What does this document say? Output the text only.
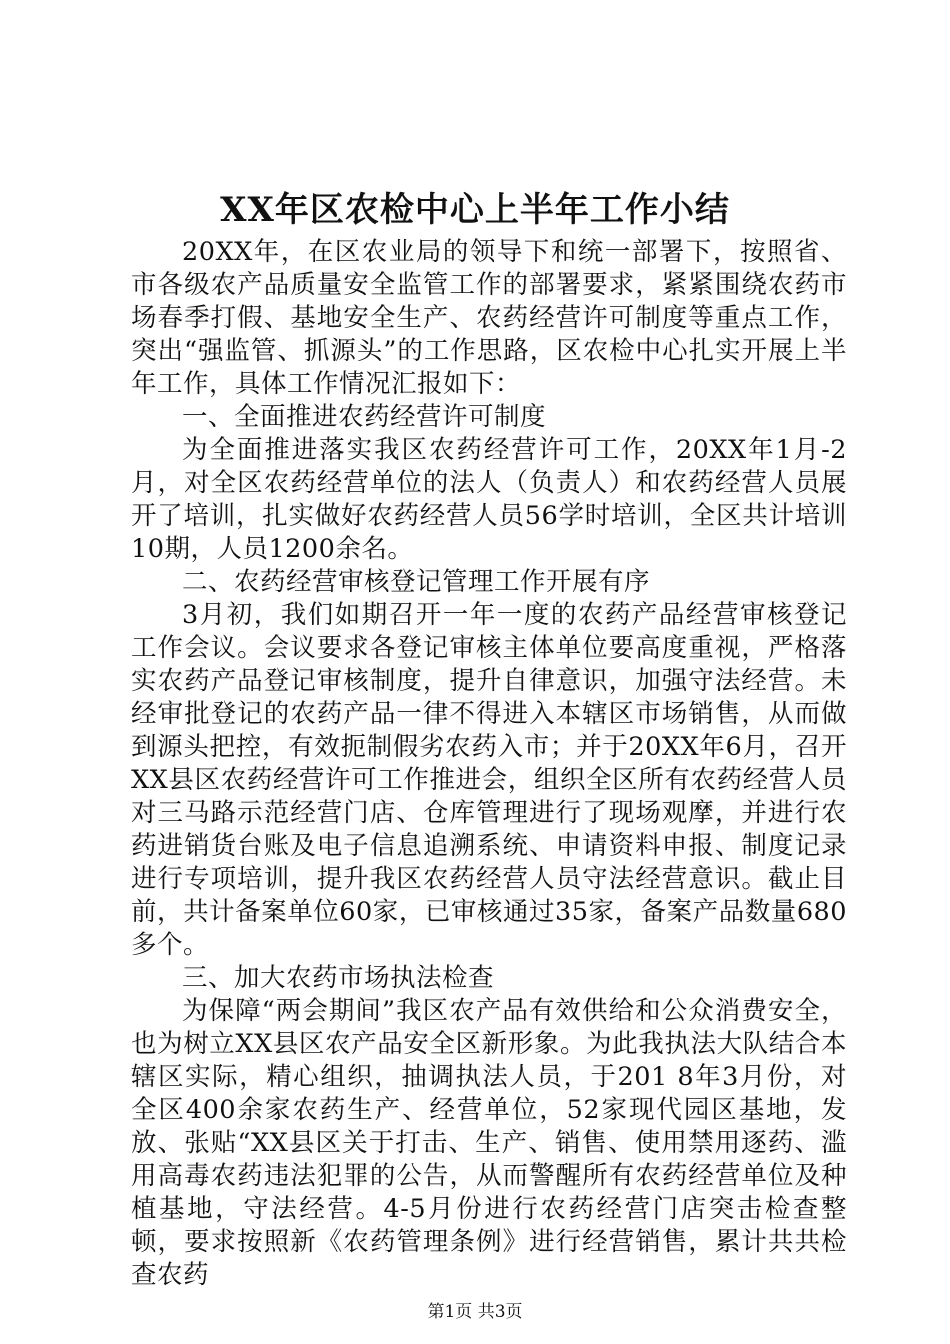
XX年区农检中心上半年工作小结

20XX年，在区农业局的领导下和统一部署下，按照省、市各级农产品质量安全监管工作的部署要求，紧紧围绕农药市场春季打假、基地安全生产、农药经营许可制度等重点工作，突出“强监管、抓源头”的工作思路，区农检中心扎实开展上半年工作，具体工作情况汇报如下：

一、全面推进农药经营许可制度

为全面推进落实我区农药经营许可工作，20XX年1月-2月，对全区农药经营单位的法人（负责人）和农药经营人员展开了培训，扎实做好农药经营人员56学时培训，全区共计培训10期，人员1200余名。

二、农药经营审核登记管理工作开展有序

3月初，我们如期召开一年一度的农药产品经营审核登记工作会议。会议要求各登记审核主体单位要高度重视，严格落实农药产品登记审核制度，提升自律意识，加强守法经营。未经审批登记的农药产品一律不得进入本辖区市场销售，从而做到源头把控，有效扼制假劣农药入市；并于20XX年6月，召开XX县区农药经营许可工作推进会，组织全区所有农药经营人员对三马路示范经营门店、仓库管理进行了现场观摩，并进行农药进销货台账及电子信息追溯系统、申请资料申报、制度记录进行专项培训，提升我区农药经营人员守法经营意识。截止目前，共计备案单位60家，已审核通过35家，备案产品数量680多个。

三、加大农药市场执法检查

为保障“两会期间”我区农产品有效供给和公众消费安全，也为树立XX县区农产品安全区新形象。为此我执法大队结合本辖区实际，精心组织，抽调执法人员，于201 8年3月份，对全区400余家农药生产、经营单位，52家现代园区基地，发放、张贴“XX县区关于打击、生产、销售、使用禁用逐药、滥用高毒农药违法犯罪的公告，从而警醒所有农药经营单位及种植基地，守法经营。4-5月份进行农药经营门店突击检查整顿，要求按照新《农药管理条例》进行经营销售，累计共共检查农药

第1页 共3页
